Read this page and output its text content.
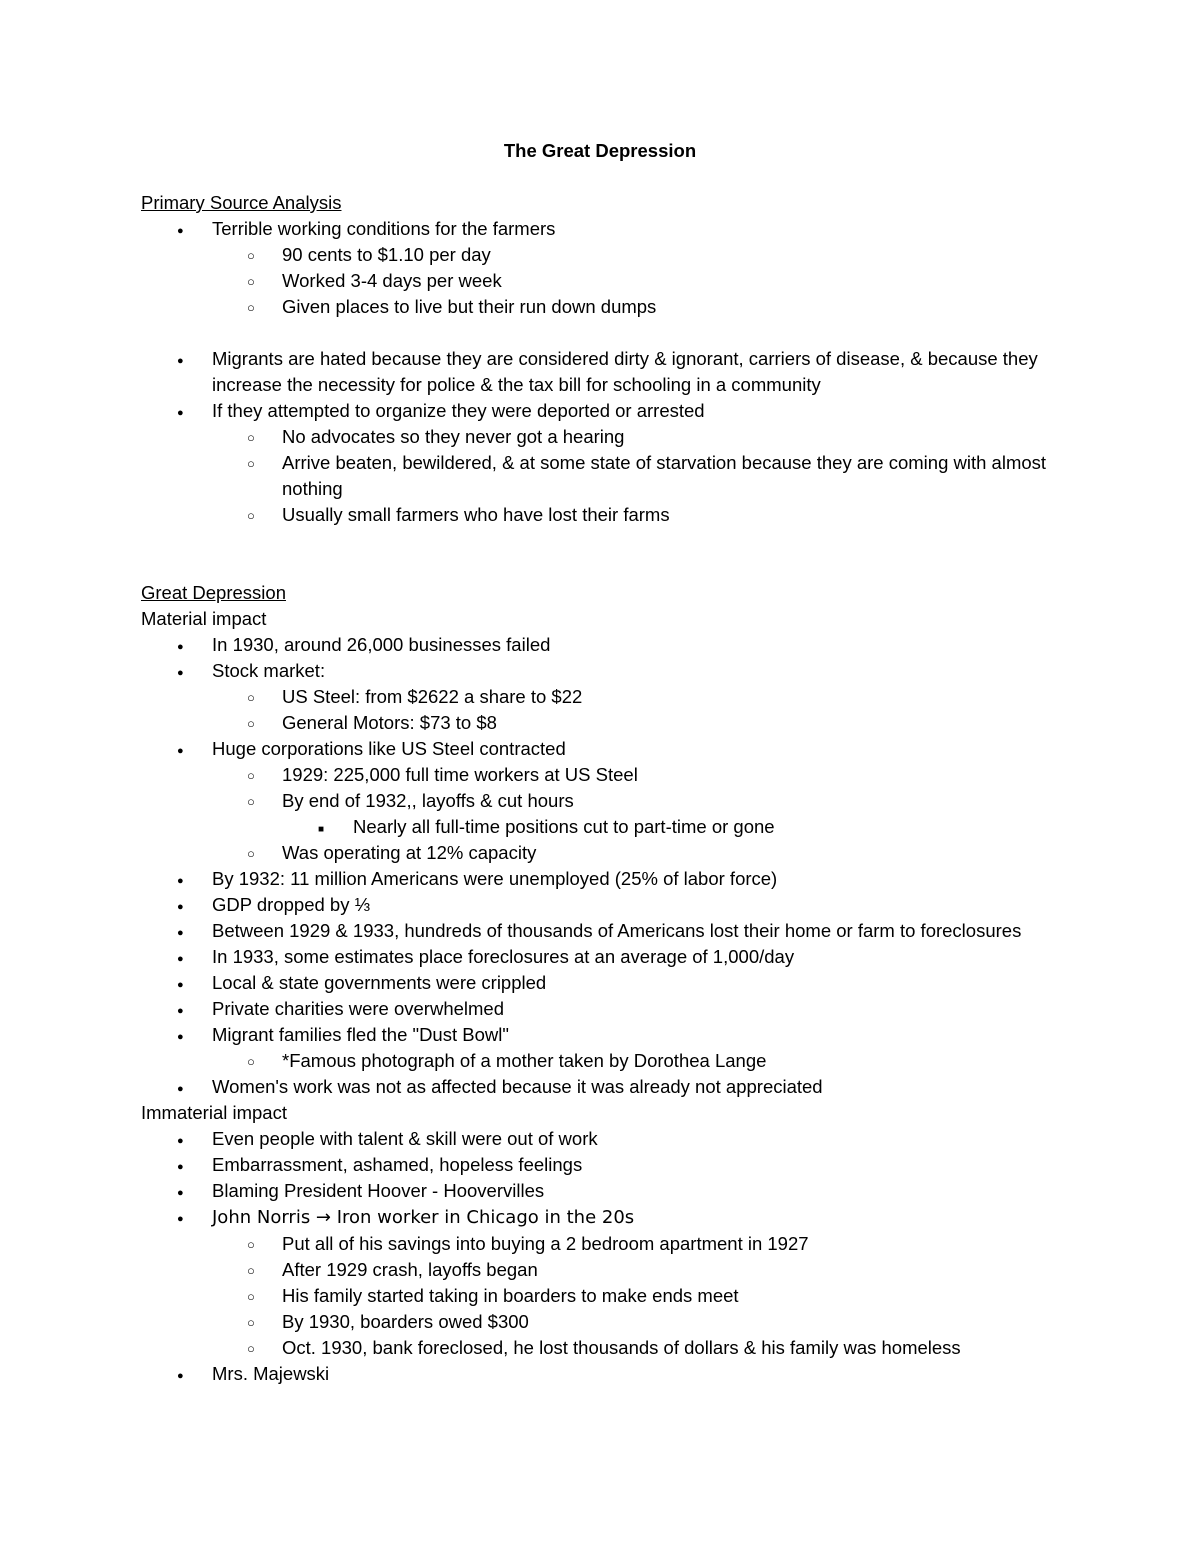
The Great Depression

Primary Source Analysis

●
Terrible working conditions for the farmers
○
90 cents to $1.10 per day
○
Worked 3-4 days per week
○
Given places to live but their run down dumps
●
Migrants are hated because they are considered dirty & ignorant, carriers of disease, & because they increase the necessity for police & the tax bill for schooling in a community
●
If they attempted to organize they were deported or arrested
○
No advocates so they never got a hearing
○
Arrive beaten, bewildered, & at some state of starvation because they are coming with almost nothing
○
Usually small farmers who have lost their farms

Great Depression

Material impact

●
In 1930, around 26,000 businesses failed
●
Stock market:
○
US Steel: from $2622 a share to $22
○
General Motors: $73 to $8
●
Huge corporations like US Steel contracted
○
1929: 225,000 full time workers at US Steel
○
By end of 1932,, layoffs & cut hours
■
Nearly all full-time positions cut to part-time or gone
○
Was operating at 12% capacity
●
By 1932: 11 million Americans were unemployed (25% of labor force)
●
GDP dropped by ⅓
●
Between 1929 & 1933, hundreds of thousands of Americans lost their home or farm to foreclosures
●
In 1933, some estimates place foreclosures at an average of 1,000/day
●
Local & state governments were crippled
●
Private charities were overwhelmed
●
Migrant families fled the "Dust Bowl"
○
*Famous photograph of a mother taken by Dorothea Lange
●
Women's work was not as affected because it was already not appreciated

Immaterial impact

●
Even people with talent & skill were out of work
●
Embarrassment, ashamed, hopeless feelings
●
Blaming President Hoover - Hoovervilles
●
John Norris → Iron worker in Chicago in the 20s
○
Put all of his savings into buying a 2 bedroom apartment in 1927
○
After 1929 crash, layoffs began
○
His family started taking in boarders to make ends meet
○
By 1930, boarders owed $300
○
Oct. 1930, bank foreclosed, he lost thousands of dollars & his family was homeless
●
Mrs. Majewski
